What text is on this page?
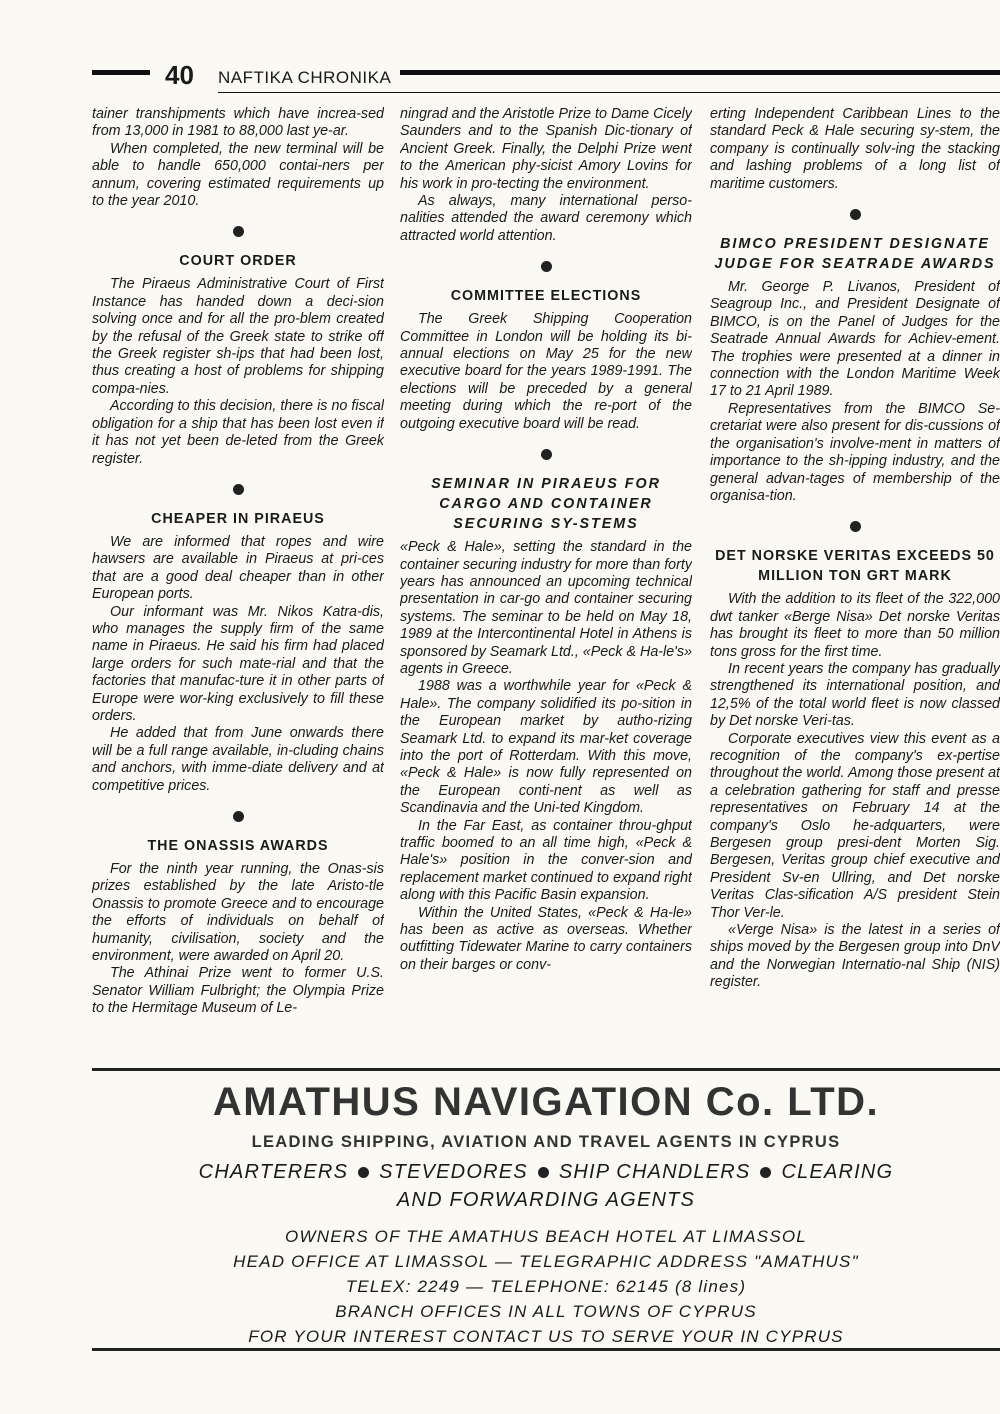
40 NAFTIKA CHRONIKA

tainer transhipments which have increa-sed from 13,000 in 1981 to 88,000 last ye-ar.

When completed, the new terminal will be able to handle 650,000 contai-ners per annum, covering estimated requirements up to the year 2010.

COURT ORDER

The Piraeus Administrative Court of First Instance has handed down a deci-sion solving once and for all the pro-blem created by the refusal of the Greek state to strike off the Greek register sh-ips that had been lost, thus creating a host of problems for shipping compa-nies.

According to this decision, there is no fiscal obligation for a ship that has been lost even if it has not yet been de-leted from the Greek register.

CHEAPER IN PIRAEUS

We are informed that ropes and wire hawsers are available in Piraeus at pri-ces that are a good deal cheaper than in other European ports.

Our informant was Mr. Nikos Katra-dis, who manages the supply firm of the same name in Piraeus. He said his firm had placed large orders for such mate-rial and that the factories that manufac-ture it in other parts of Europe were wor-king exclusively to fill these orders.

He added that from June onwards there will be a full range available, in-cluding chains and anchors, with imme-diate delivery and at competitive prices.

THE ONASSIS AWARDS

For the ninth year running, the Onas-sis prizes established by the late Aristo-tle Onassis to promote Greece and to encourage the efforts of individuals on behalf of humanity, civilisation, society and the environment, were awarded on April 20.

The Athinai Prize went to former U.S. Senator William Fulbright; the Olympia Prize to the Hermitage Museum of Le-

ningrad and the Aristotle Prize to Dame Cicely Saunders and to the Spanish Dic-tionary of Ancient Greek. Finally, the Delphi Prize went to the American phy-sicist Amory Lovins for his work in pro-tecting the environment.

As always, many international perso-nalities attended the award ceremony which attracted world attention.

COMMITTEE ELECTIONS

The Greek Shipping Cooperation Committee in London will be holding its bi-annual elections on May 25 for the new executive board for the years 1989-1991. The elections will be preceded by a general meeting during which the re-port of the outgoing executive board will be read.

SEMINAR IN PIRAEUS FOR CARGO AND CONTAINER SECURING SY-STEMS

«Peck & Hale», setting the standard in the container securing industry for more than forty years has announced an upcoming technical presentation in car-go and container securing systems. The seminar to be held on May 18, 1989 at the Intercontinental Hotel in Athens is sponsored by Seamark Ltd., «Peck & Ha-le's» agents in Greece.

1988 was a worthwhile year for «Peck & Hale». The company solidified its po-sition in the European market by autho-rizing Seamark Ltd. to expand its mar-ket coverage into the port of Rotterdam. With this move, «Peck & Hale» is now fully represented on the European conti-nent as well as Scandinavia and the Uni-ted Kingdom.

In the Far East, as container throu-ghput traffic boomed to an all time high, «Peck & Hale's» position in the conver-sion and replacement market continued to expand right along with this Pacific Basin expansion.

Within the United States, «Peck & Ha-le» has been as active as overseas. Whether outfitting Tidewater Marine to carry containers on their barges or conv-

erting Independent Caribbean Lines to the standard Peck & Hale securing sy-stem, the company is continually solv-ing the stacking and lashing problems of a long list of maritime customers.

BIMCO PRESIDENT DESIGNATE JUDGE FOR SEATRADE AWARDS

Mr. George P. Livanos, President of Seagroup Inc., and President Designate of BIMCO, is on the Panel of Judges for the Seatrade Annual Awards for Achiev-ement. The trophies were presented at a dinner in connection with the London Maritime Week 17 to 21 April 1989.

Representatives from the BIMCO Se-cretariat were also present for dis-cussions of the organisation's involve-ment in matters of importance to the sh-ipping industry, and the general advan-tages of membership of the organisa-tion.

DET NORSKE VERITAS EXCEEDS 50 MILLION TON GRT MARK

With the addition to its fleet of the 322,000 dwt tanker «Berge Nisa» Det norske Veritas has brought its fleet to more than 50 million tons gross for the first time.

In recent years the company has gradually strengthened its international position, and 12,5% of the total world fleet is now classed by Det norske Veri-tas.

Corporate executives view this event as a recognition of the company's ex-pertise throughout the world. Among those present at a celebration gathering for staff and presse representatives on February 14 at the company's Oslo he-adquarters, were Bergesen group presi-dent Morten Sig. Bergesen, Veritas group chief executive and President Sv-en Ullring, and Det norske Veritas Clas-sification A/S president Stein Thor Ver-le.

«Verge Nisa» is the latest in a series of ships moved by the Bergesen group into DnV and the Norwegian Internatio-nal Ship (NIS) register.

AMATHUS NAVIGATION Co. LTD.
LEADING SHIPPING, AVIATION AND TRAVEL AGENTS IN CYPRUS
CHARTERERS STEVEDORES SHIP CHANDLERS CLEARING
AND FORWARDING AGENTS
OWNERS OF THE AMATHUS BEACH HOTEL AT LIMASSOL
HEAD OFFICE AT LIMASSOL — TELEGRAPHIC ADDRESS "AMATHUS"
TELEX: 2249 — TELEPHONE: 62145 (8 lines)
BRANCH OFFICES IN ALL TOWNS OF CYPRUS
FOR YOUR INTEREST CONTACT US TO SERVE YOUR IN CYPRUS
